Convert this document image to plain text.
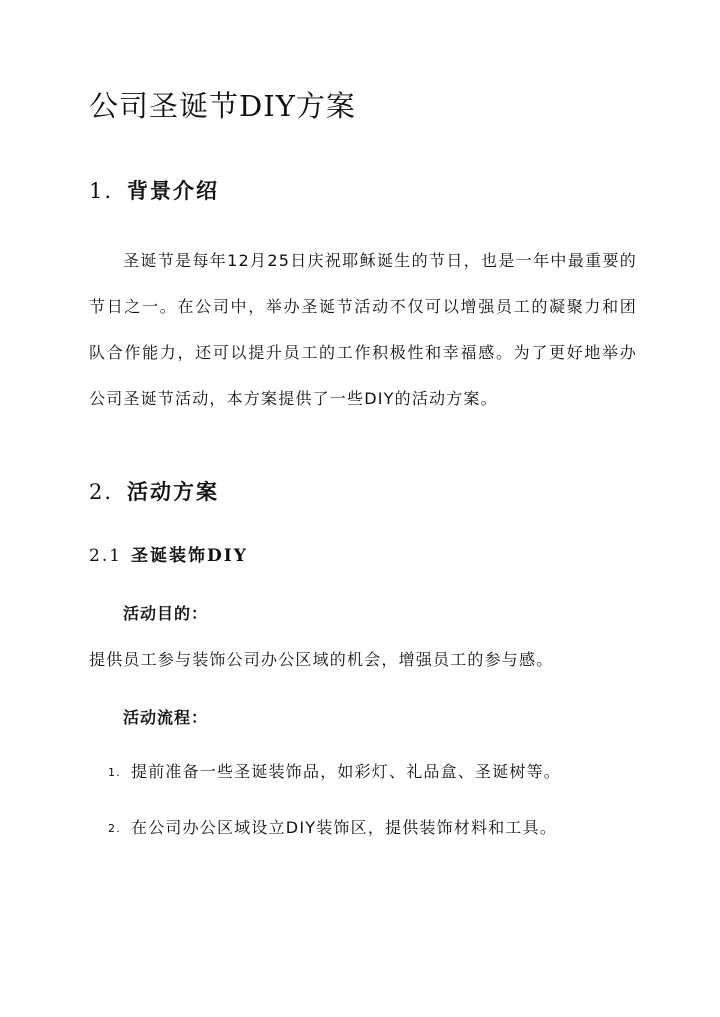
公司圣诞节DIY方案
1. 背景介绍

圣诞节是每年12月25日庆祝耶稣诞生的节日，也是一年中最重要的节日之一。在公司中，举办圣诞节活动不仅可以增强员工的凝聚力和团队合作能力，还可以提升员工的工作积极性和幸福感。为了更好地举办公司圣诞节活动，本方案提供了一些DIY的活动方案。

2. 活动方案
2.1 圣诞装饰DIY

活动目的：

提供员工参与装饰公司办公区域的机会，增强员工的参与感。

活动流程：

1. 提前准备一些圣诞装饰品，如彩灯、礼品盒、圣诞树等。

2. 在公司办公区域设立DIY装饰区，提供装饰材料和工具。
